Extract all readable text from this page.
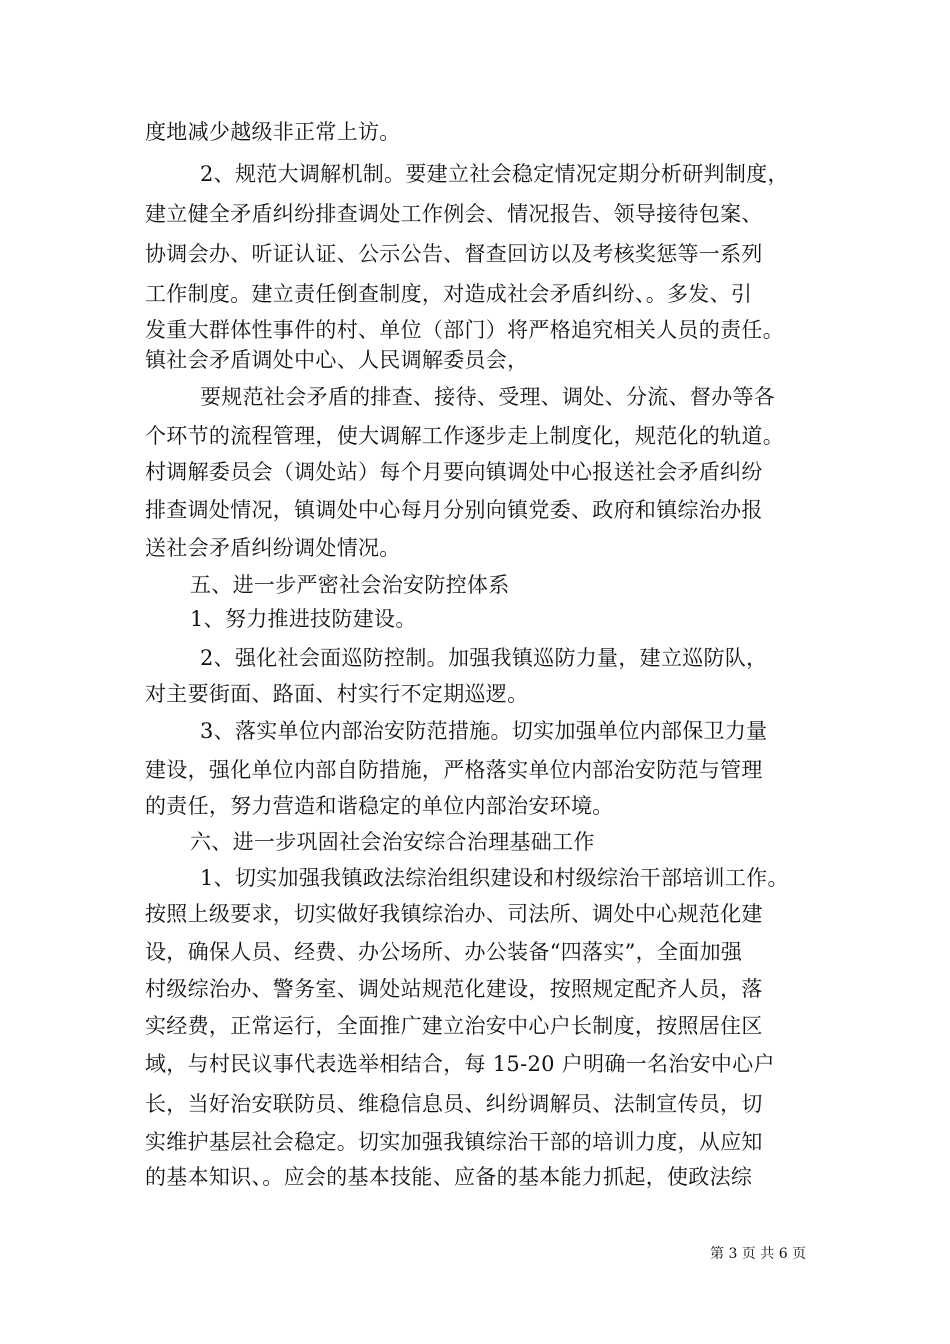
度地减少越级非正常上访。
2、规范大调解机制。要建立社会稳定情况定期分析研判制度，
建立健全矛盾纠纷排查调处工作例会、情况报告、领导接待包案、
协调会办、听证认证、公示公告、督查回访以及考核奖惩等一系列
工作制度。建立责任倒查制度，对造成社会矛盾纠纷、。多发、引
发重大群体性事件的村、单位（部门）将严格追究相关人员的责任。
镇社会矛盾调处中心、人民调解委员会，
要规范社会矛盾的排查、接待、受理、调处、分流、督办等各
个环节的流程管理，使大调解工作逐步走上制度化，规范化的轨道。
村调解委员会（调处站）每个月要向镇调处中心报送社会矛盾纠纷
排查调处情况，镇调处中心每月分别向镇党委、政府和镇综治办报
送社会矛盾纠纷调处情况。
五、进一步严密社会治安防控体系
1、努力推进技防建设。
2、强化社会面巡防控制。加强我镇巡防力量，建立巡防队，
对主要街面、路面、村实行不定期巡逻。
3、落实单位内部治安防范措施。切实加强单位内部保卫力量
建设，强化单位内部自防措施，严格落实单位内部治安防范与管理
的责任，努力营造和谐稳定的单位内部治安环境。
六、进一步巩固社会治安综合治理基础工作
1、切实加强我镇政法综治组织建设和村级综治干部培训工作。
按照上级要求，切实做好我镇综治办、司法所、调处中心规范化建
设，确保人员、经费、办公场所、办公装备“四落实”，全面加强
村级综治办、警务室、调处站规范化建设，按照规定配齐人员，落
实经费，正常运行，全面推广建立治安中心户长制度，按照居住区
域，与村民议事代表选举相结合，每 15-20 户明确一名治安中心户
长，当好治安联防员、维稳信息员、纠纷调解员、法制宣传员，切
实维护基层社会稳定。切实加强我镇综治干部的培训力度，从应知
的基本知识、。应会的基本技能、应备的基本能力抓起，使政法综
第 3 页 共 6 页
